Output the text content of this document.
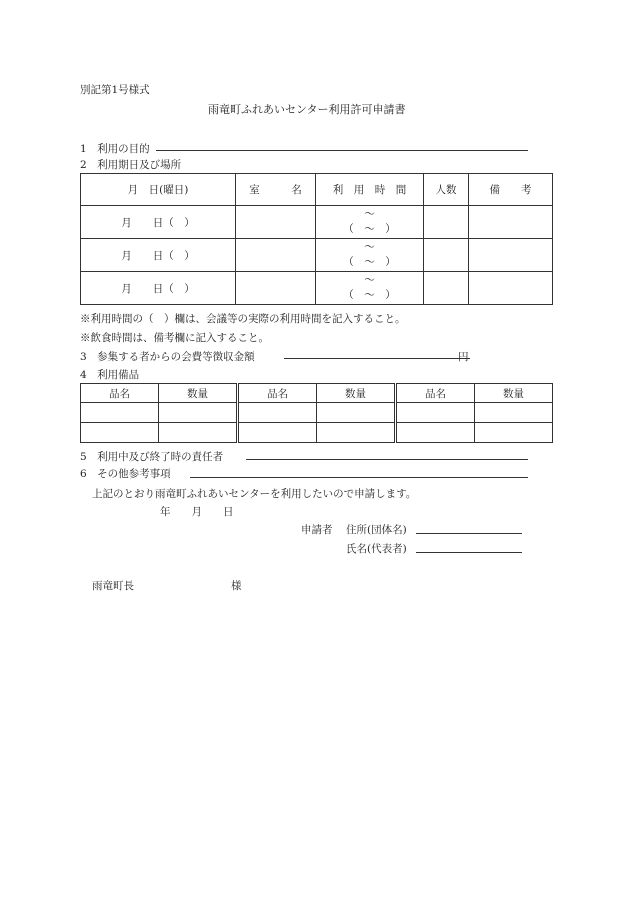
別記第1号様式
雨竜町ふれあいセンター利用許可申請書
1　利用の目的
2　利用期日及び場所
月　日(曜日)	室　　　名	利　用　時　間	人数	備　　考
月　　日（　）		〜
（　〜　）		

月　　日（　）		〜
（　〜　）		

月　　日（　）		〜
（　〜　）		

※利用時間の（　）欄は、会議等の実際の利用時間を記入すること。
※飲食時間は、備考欄に記入すること。
3　参集する者からの会費等徴収金額	円
4　利用備品
品名	数量	品名	数量	品名	数量

5　利用中及び終了時の責任者
6　その他参考事項
上記のとおり雨竜町ふれあいセンターを利用したいので申請します。
年　　月　　日
申請者 住所(団体名)
氏名(代表者)
雨竜町長	様
